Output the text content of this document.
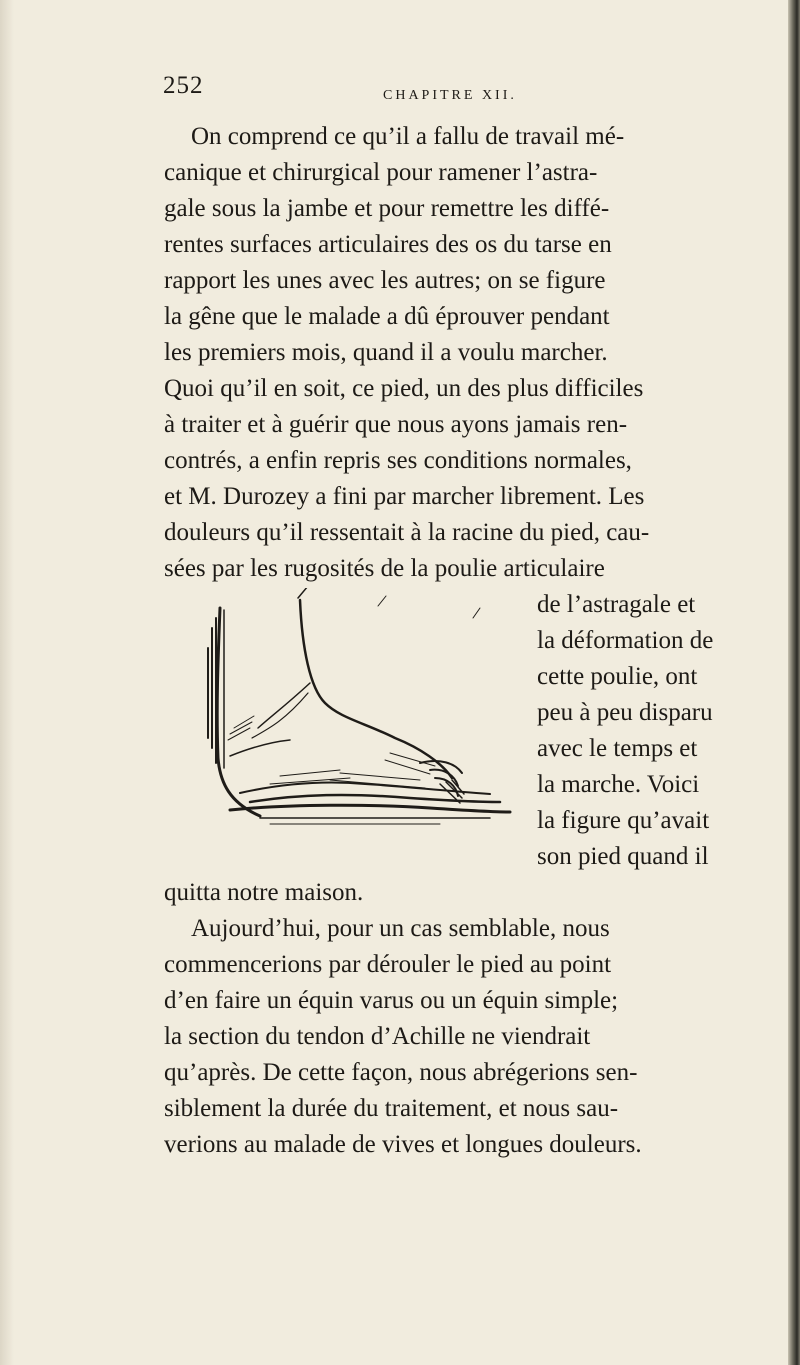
252	CHAPITRE XII.
On comprend ce qu’il a fallu de travail mé-
canique et chirurgical pour ramener l’astra-
gale sous la jambe et pour remettre les diffé-
rentes surfaces articulaires des os du tarse en
rapport les unes avec les autres; on se figure
la gêne que le malade a dû éprouver pendant
les premiers mois, quand il a voulu marcher.
Quoi qu’il en soit, ce pied, un des plus difficiles
à traiter et à guérir que nous ayons jamais ren-
contrés, a enfin repris ses conditions normales,
et M. Durozey a fini par marcher librement. Les
douleurs qu’il ressentait à la racine du pied, cau-
sées par les rugosités de la poulie articulaire
de l’astragale et
la déformation de
cette poulie, ont
peu à peu disparu
avec le temps et
la marche. Voici
la figure qu’avait
son pied quand il
quitta notre maison.
Aujourd’hui, pour un cas semblable, nous
commencerions par dérouler le pied au point
d’en faire un équin varus ou un équin simple;
la section du tendon d’Achille ne viendrait
qu’après. De cette façon, nous abrégerions sen-
siblement la durée du traitement, et nous sau-
verions au malade de vives et longues douleurs.
